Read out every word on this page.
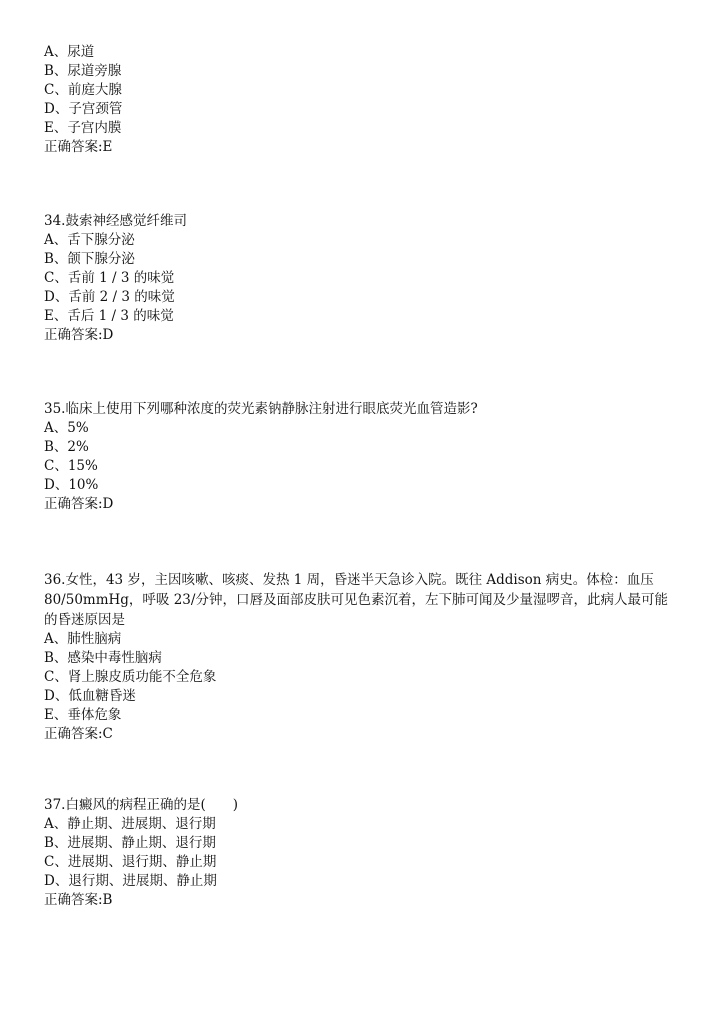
A、尿道

B、尿道旁腺

C、前庭大腺

D、子宫颈管

E、子宫内膜

正确答案:E

34.鼓索神经感觉纤维司

A、舌下腺分泌

B、颌下腺分泌

C、舌前 1 / 3 的味觉

D、舌前 2 / 3 的味觉

E、舌后 1 / 3 的味觉

正确答案:D

35.临床上使用下列哪种浓度的荧光素钠静脉注射进行眼底荧光血管造影?

A、5%

B、2%

C、15%

D、10%

正确答案:D

36.女性，43 岁，主因咳嗽、咳痰、发热 1 周，昏迷半天急诊入院。既往 Addison 病史。体检：血压 80/50mmHg，呼吸 23/分钟，口唇及面部皮肤可见色素沉着，左下肺可闻及少量湿啰音，此病人最可能的昏迷原因是

A、肺性脑病

B、感染中毒性脑病

C、肾上腺皮质功能不全危象

D、低血糖昏迷

E、垂体危象

正确答案:C

37.白癜风的病程正确的是(　　)

A、静止期、进展期、退行期

B、进展期、静止期、退行期

C、进展期、退行期、静止期

D、退行期、进展期、静止期

正确答案:B
